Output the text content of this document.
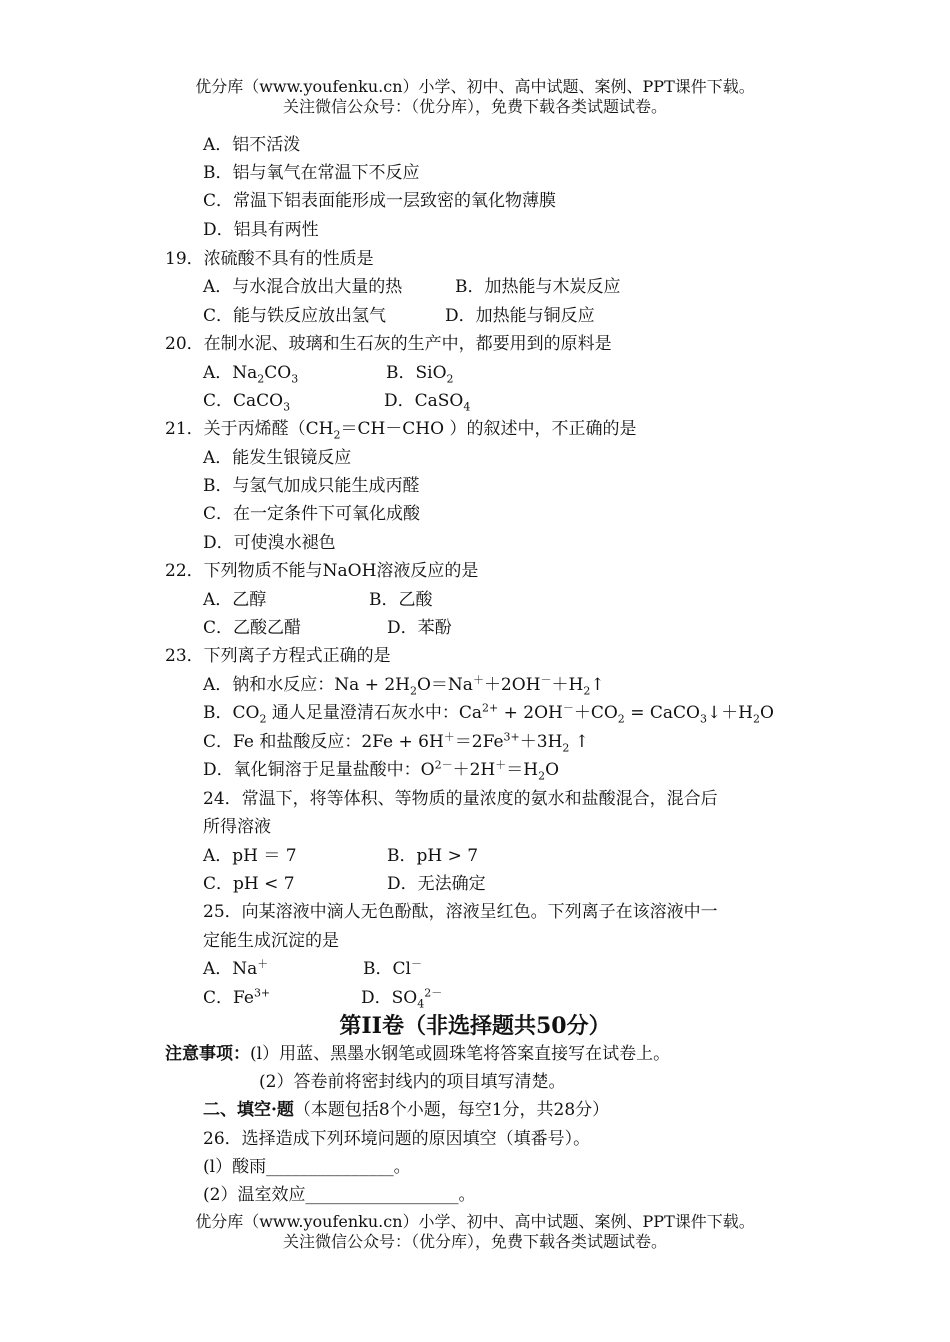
优分库（www.youfenku.cn）小学、初中、高中试题、案例、PPT课件下载。
关注微信公众号：（优分库），免费下载各类试题试卷。
A．铝不活泼
B．铝与氧气在常温下不反应
C．常温下铝表面能形成一层致密的氧化物薄膜
D．铝具有两性
19．浓硫酸不具有的性质是
A．与水混合放出大量的热	B．加热能与木炭反应
C．能与铁反应放出氢气	D．加热能与铜反应
20．在制水泥、玻璃和生石灰的生产中，都要用到的原料是
A．$Na_2CO_3$	B．SiO$_2$
C．CaCO$_3$	D．CaSO$_4$
21．关于丙烯醛（$CH_2=CH-CHO$ ）的叙述中，不正确的是
A．能发生银镜反应
B．与氢气加成只能生成丙醛
C．在一定条件下可氧化成酸
D．可使溴水褪色
22．下列物质不能与NaOH溶液反应的是
A．乙醇	B．乙酸
C．乙酸乙醋	D．苯酚
23．下列离子方程式正确的是
A．钠和水反应：$Na + 2H_2O=Na^++2OH^-+H_2↑$
B．$CO_2$ 通人足量澄清石灰水中：$Ca^{2+} + 2OH^-+CO_2$ = $CaCO_3↓+H_2O$
C．Fe 和盐酸反应：$2Fe + 6H^+=2Fe^{3+}+3H_2$ ↑
D．氧化铜溶于足量盐酸中：$O^{2-}+2H^+=H_2O$
24．常温下，将等体积、等物质的量浓度的氨水和盐酸混合，混合后
所得溶液
A．pH ＝ 7	B．pH > 7
C．pH < 7	D．无法确定
25．向某溶液中滴人无色酚酞，溶液呈红色。下列离子在该溶液中一
定能生成沉淀的是
A．Na＋	B．Cl－
C．$Fe^{3+}$	D．$SO_4^{2-}$
第II卷（非选择题共50分）
注意事项：(l）用蓝、黑墨水钢笔或圆珠笔将答案直接写在试卷上。
(2）答卷前将密封线内的项目填写清楚。
二、填空·题（本题包括8个小题，每空1分，共28分）
26．选择造成下列环境问题的原因填空（填番号）。
(l）酸雨_______________。
(2）温室效应__________________。
优分库（www.youfenku.cn）小学、初中、高中试题、案例、PPT课件下载。
关注微信公众号：（优分库），免费下载各类试题试卷。
